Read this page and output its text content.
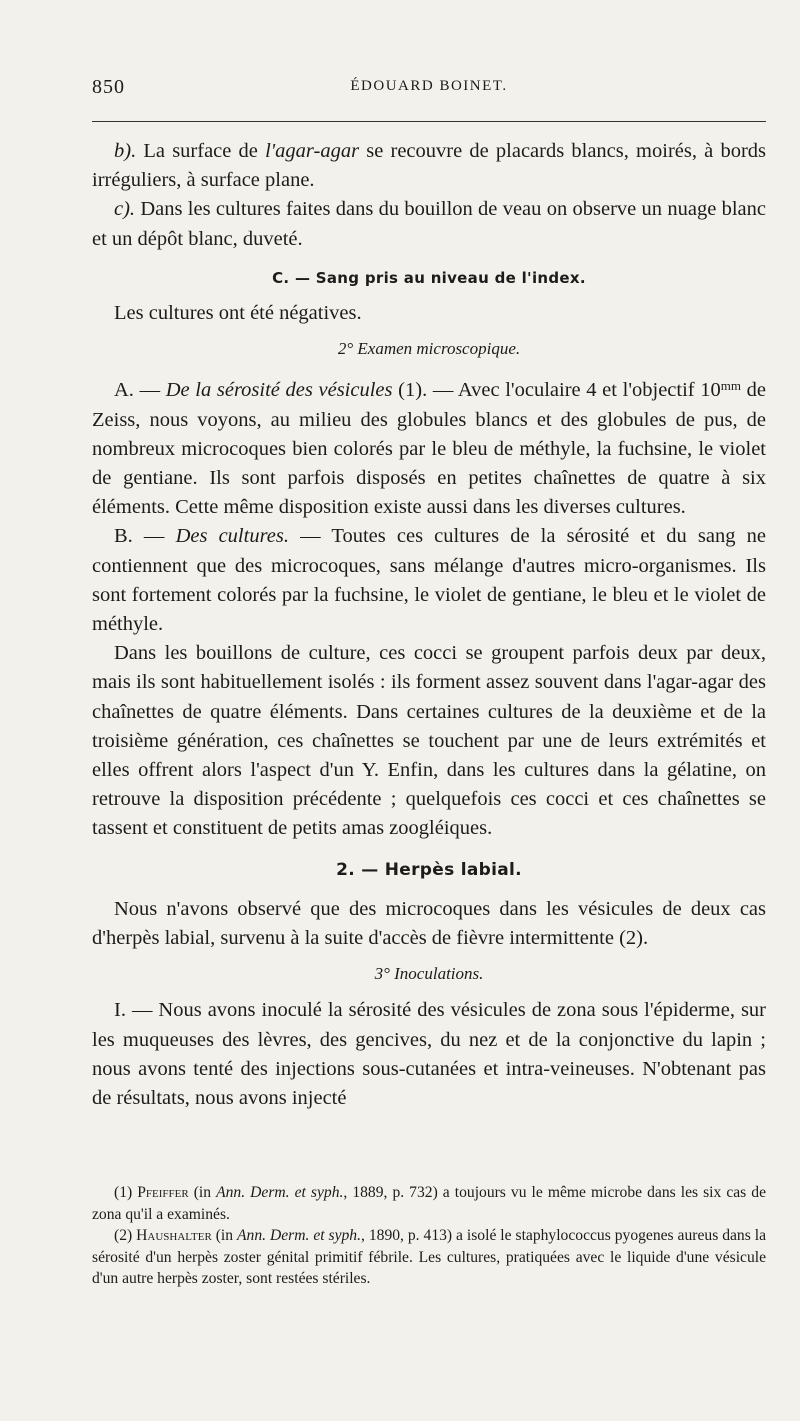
850	ÉDOUARD BOINET.

b). La surface de l'agar-agar se recouvre de placards blancs, moirés, à bords irréguliers, à surface plane.

c). Dans les cultures faites dans du bouillon de veau on observe un nuage blanc et un dépôt blanc, duveté.

C. — Sang pris au niveau de l'index.

Les cultures ont été négatives.

2° Examen microscopique.

A. — De la sérosité des vésicules (1). — Avec l'oculaire 4 et l'objectif $10^{mm}$ de Zeiss, nous voyons, au milieu des globules blancs et des globules de pus, de nombreux microcoques bien colorés par le bleu de méthyle, la fuchsine, le violet de gentiane. Ils sont parfois disposés en petites chaînettes de quatre à six éléments. Cette même disposition existe aussi dans les diverses cultures.

B. — Des cultures. — Toutes ces cultures de la sérosité et du sang ne contiennent que des microcoques, sans mélange d'autres micro-organismes. Ils sont fortement colorés par la fuchsine, le violet de gentiane, le bleu et le violet de méthyle.

Dans les bouillons de culture, ces cocci se groupent parfois deux par deux, mais ils sont habituellement isolés : ils forment assez souvent dans l'agar-agar des chaînettes de quatre éléments. Dans certaines cultures de la deuxième et de la troisième génération, ces chaînettes se touchent par une de leurs extrémités et elles offrent alors l'aspect d'un Y. Enfin, dans les cultures dans la gélatine, on retrouve la disposition précédente ; quelquefois ces cocci et ces chaînettes se tassent et constituent de petits amas zoogléiques.

2. — Herpès labial.

Nous n'avons observé que des microcoques dans les vésicules de deux cas d'herpès labial, survenu à la suite d'accès de fièvre intermittente (2).

3° Inoculations.

I. — Nous avons inoculé la sérosité des vésicules de zona sous l'épiderme, sur les muqueuses des lèvres, des gencives, du nez et de la conjonctive du lapin ; nous avons tenté des injections sous-cutanées et intra-veineuses. N'obtenant pas de résultats, nous avons injecté

(1) Pfeiffer (in Ann. Derm. et syph., 1889, p. 732) a toujours vu le même microbe dans les six cas de zona qu'il a examinés.

(2) Haushalter (in Ann. Derm. et syph., 1890, p. 413) a isolé le staphylococcus pyogenes aureus dans la sérosité d'un herpès zoster génital primitif fébrile. Les cultures, pratiquées avec le liquide d'une vésicule d'un autre herpès zoster, sont restées stériles.
